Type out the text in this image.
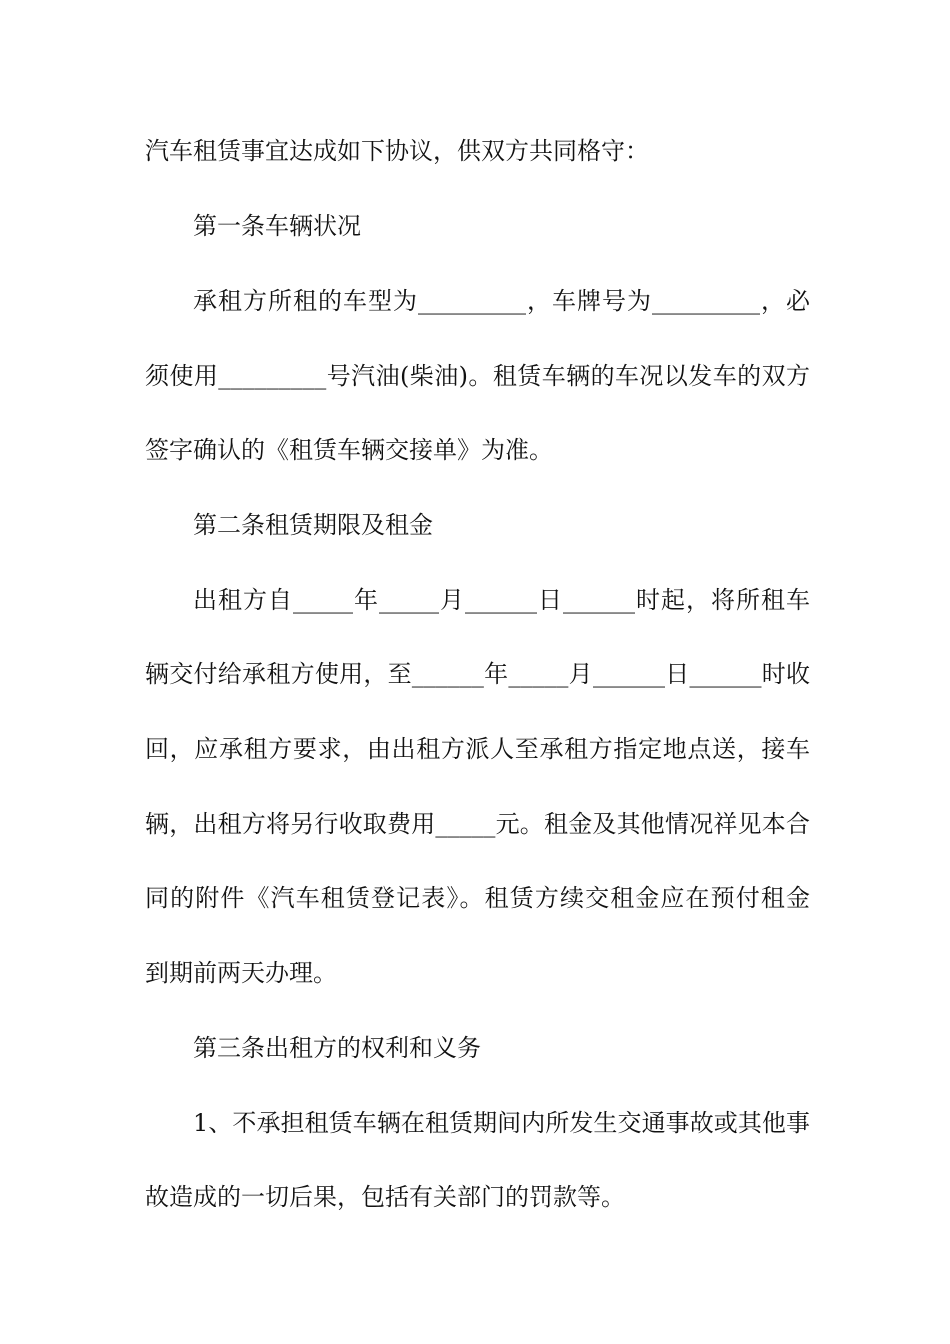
汽车租赁事宜达成如下协议，供双方共同格守：
第一条车辆状况
承租方所租的车型为_________，车牌号为_________，必
须使用_________号汽油(柴油)。租赁车辆的车况以发车的双方
签字确认的《租赁车辆交接单》为准。
第二条租赁期限及租金
出租方自_____年_____月______日______时起，将所租车
辆交付给承租方使用，至______年_____月______日______时收
回，应承租方要求，由出租方派人至承租方指定地点送，接车
辆，出租方将另行收取费用_____元。租金及其他情况祥见本合
同的附件《汽车租赁登记表》。租赁方续交租金应在预付租金
到期前两天办理。
第三条出租方的权利和义务
1、不承担租赁车辆在租赁期间内所发生交通事故或其他事
故造成的一切后果，包括有关部门的罚款等。
